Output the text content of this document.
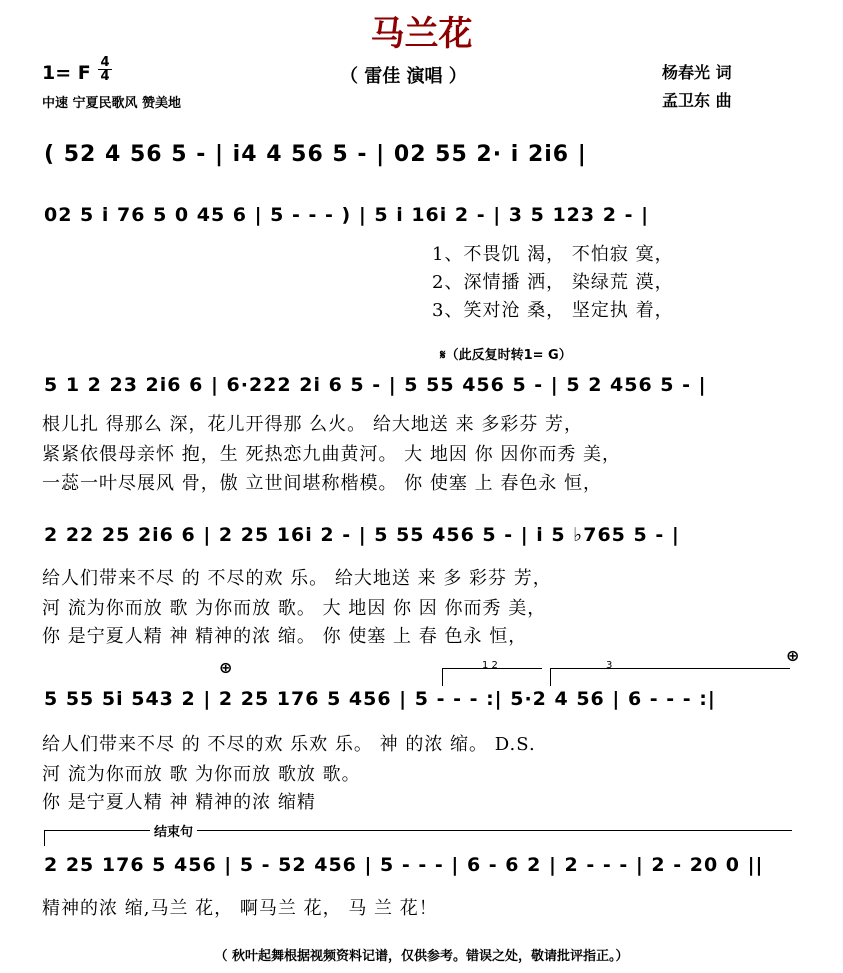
马兰花
1= F 4
4	（ 雷佳 演唱 ）
中速 宁夏民歌风 赞美地
杨春光 词
孟卫东 曲
( 52 4 56 5 - | i4 4 56 5 - | 02 55 2· i 2i6 |
02 5 i 76 5 0 45 6 | 5 - - - ) | 5 i 16i 2 - | 3 5 123 2 - |
1、不畏饥 渴， 不怕寂 寞，
2、深情播 洒， 染绿荒 漠，
3、笑对沧 桑， 坚定执 着，
𝄋（此反复时转1= G）
5 1 2 23 2i6 6 | 6·222 2i 6 5 - | 5 55 456 5 - | 5 2 456 5 - |
根儿扎 得那么 深，花儿开得那 么火。 给大地送 来 多彩芬 芳，
紧紧依偎母亲怀 抱，生 死热恋九曲黄河。 大 地因 你 因你而秀 美，
一蕊一叶尽展风 骨，傲 立世间堪称楷模。 你 使塞 上 春色永 恒，
2 22 25 2i6 6 | 2 25 16i 2 - | 5 55 456 5 - | i 5 ♭765 5 - |
给人们带来不尽 的 不尽的欢 乐。 给大地送 来 多 彩芬 芳，
河 流为你而放 歌 为你而放 歌。 大 地因 你 因 你而秀 美，
你 是宁夏人精 神 精神的浓 缩。 你 使塞 上 春 色永 恒，
⊕
⊕
1 2	3
5 55 5i 543 2 | 2 25 176 5 456 | 5 - - - :| 5·2 4 56 | 6 - - - :|
给人们带来不尽 的 不尽的欢 乐欢 乐。 神 的浓 缩。 D.S.
河 流为你而放 歌 为你而放 歌放 歌。
你 是宁夏人精 神 精神的浓 缩精
结束句
2 25 176 5 456 | 5 - 52 456 | 5 - - - | 6 - 6 2 | 2 - - - | 2 - 20 0 ||
精神的浓 缩,马兰 花， 啊马兰 花， 马 兰 花！
（ 秋叶起舞根据视频资料记谱，仅供参考。错误之处，敬请批评指正。）
